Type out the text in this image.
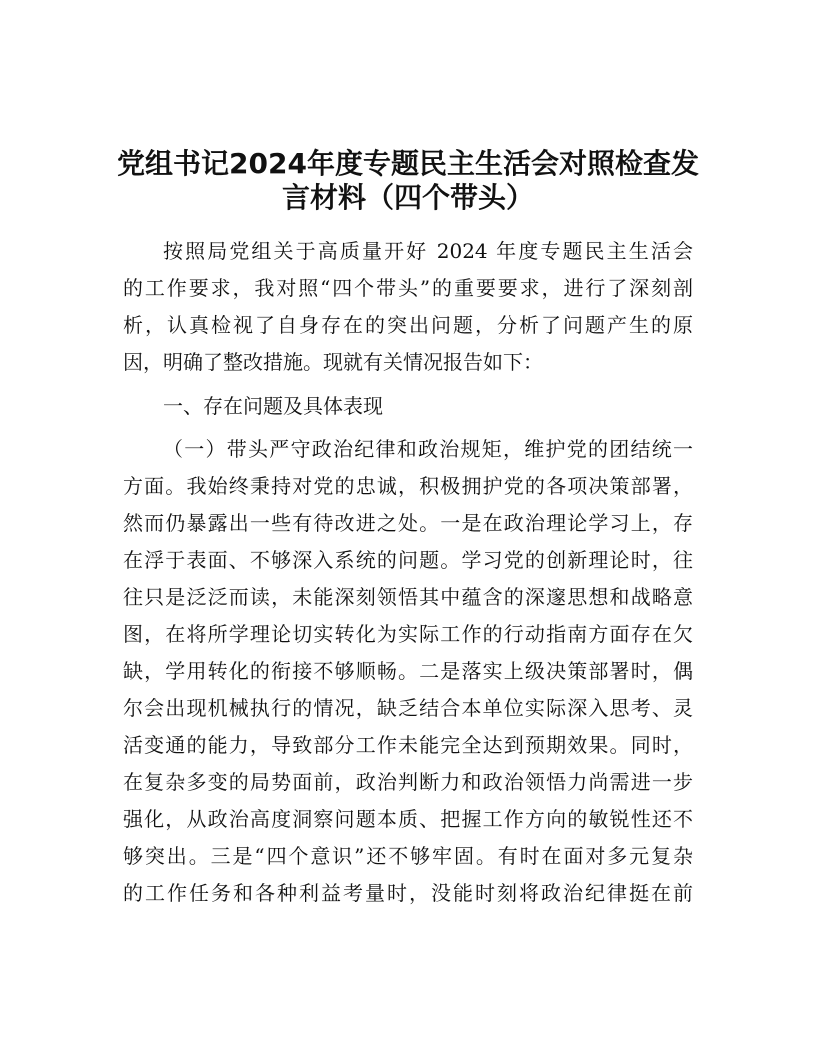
党组书记2024年度专题民主生活会对照检查发
言材料（四个带头）
按照局党组关于高质量开好 2024 年度专题民主生活会
的工作要求，我对照“四个带头”的重要要求，进行了深刻剖
析，认真检视了自身存在的突出问题，分析了问题产生的原
因，明确了整改措施。现就有关情况报告如下：
一、存在问题及具体表现
（一）带头严守政治纪律和政治规矩，维护党的团结统一
方面。我始终秉持对党的忠诚，积极拥护党的各项决策部署，
然而仍暴露出一些有待改进之处。一是在政治理论学习上，存
在浮于表面、不够深入系统的问题。学习党的创新理论时，往
往只是泛泛而读，未能深刻领悟其中蕴含的深邃思想和战略意
图，在将所学理论切实转化为实际工作的行动指南方面存在欠
缺，学用转化的衔接不够顺畅。二是落实上级决策部署时，偶
尔会出现机械执行的情况，缺乏结合本单位实际深入思考、灵
活变通的能力，导致部分工作未能完全达到预期效果。同时，
在复杂多变的局势面前，政治判断力和政治领悟力尚需进一步
强化，从政治高度洞察问题本质、把握工作方向的敏锐性还不
够突出。三是“四个意识”还不够牢固。有时在面对多元复杂
的工作任务和各种利益考量时，没能时刻将政治纪律挺在前
